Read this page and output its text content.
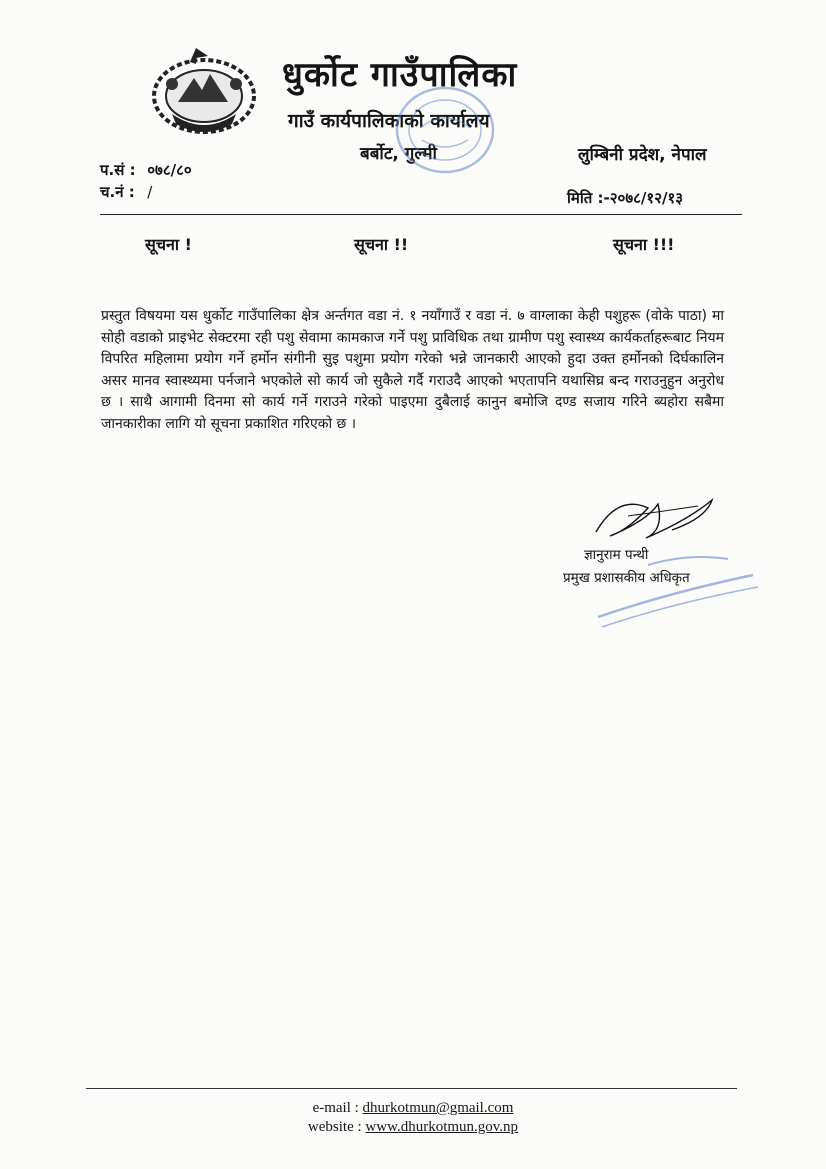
धुर्कोट गाउँपालिका
गाउँ कार्यपालिकाको कार्यालय
बर्बोट, गुल्मी	लुम्बिनी प्रदेश, नेपाल
प.सं : ०७८/८०
च.नं : /	मिति :-२०७८/१२/१३
सूचना !	सूचना !!	सूचना !!!
प्रस्तुत विषयमा यस धुर्कोट गाउँपालिका क्षेत्र अर्न्तगत वडा नं. १ नयाँगाउँ र वडा नं. ७ वाग्लाका केही पशुहरू (वोके पाठा) मा सोही वडाको प्राइभेट सेक्टरमा रही पशु सेवामा कामकाज गर्ने पशु प्राविधिक तथा ग्रामीण पशु स्वास्थ्य कार्यकर्ताहरूबाट नियम विपरित महिलामा प्रयोग गर्ने हर्मोन संगीनी सुइ पशुमा प्रयोग गरेको भन्ने जानकारी आएको हुदा उक्त हर्मोनको दिर्घकालिन असर मानव स्वास्थ्यमा पर्नजाने भएकोले सो कार्य जो सुकैले गर्दै गराउदै आएको भएतापनि यथासिघ्र बन्द गराउनुहुन अनुरोध छ । साथै आगामी दिनमा सो कार्य गर्ने गराउने गरेको पाइएमा दुबैलाई कानुन बमोजि दण्ड सजाय गरिने ब्यहोरा सबैमा जानकारीका लागि यो सूचना प्रकाशित गरिएको छ ।
ज्ञानुराम पन्थी
प्रमुख प्रशासकीय अधिकृत
e-mail : dhurkotmun@gmail.com
website : www.dhurkotmun.gov.np
